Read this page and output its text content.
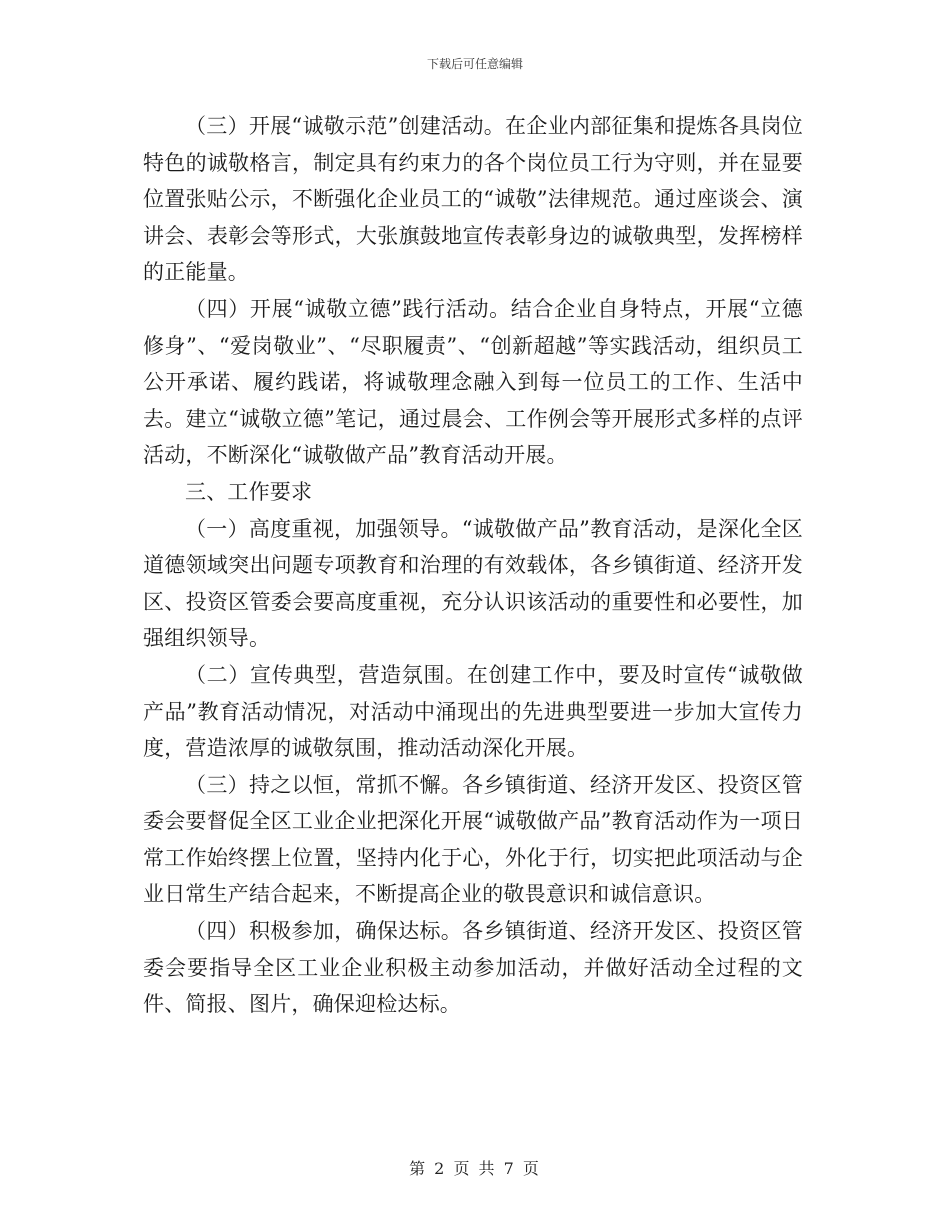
下载后可任意编辑

（三）开展“诚敬示范”创建活动。在企业内部征集和提炼各具岗位特色的诚敬格言，制定具有约束力的各个岗位员工行为守则，并在显要位置张贴公示，不断强化企业员工的“诚敬”法律规范。通过座谈会、演讲会、表彰会等形式，大张旗鼓地宣传表彰身边的诚敬典型，发挥榜样的正能量。

（四）开展“诚敬立德”践行活动。结合企业自身特点，开展“立德修身”、“爱岗敬业”、“尽职履责”、“创新超越”等实践活动，组织员工公开承诺、履约践诺，将诚敬理念融入到每一位员工的工作、生活中去。建立“诚敬立德”笔记，通过晨会、工作例会等开展形式多样的点评活动，不断深化“诚敬做产品”教育活动开展。

三、工作要求

（一）高度重视，加强领导。“诚敬做产品”教育活动，是深化全区道德领域突出问题专项教育和治理的有效载体，各乡镇街道、经济开发区、投资区管委会要高度重视，充分认识该活动的重要性和必要性，加强组织领导。

（二）宣传典型，营造氛围。在创建工作中，要及时宣传“诚敬做产品”教育活动情况，对活动中涌现出的先进典型要进一步加大宣传力度，营造浓厚的诚敬氛围，推动活动深化开展。

（三）持之以恒，常抓不懈。各乡镇街道、经济开发区、投资区管委会要督促全区工业企业把深化开展“诚敬做产品”教育活动作为一项日常工作始终摆上位置，坚持内化于心，外化于行，切实把此项活动与企业日常生产结合起来，不断提高企业的敬畏意识和诚信意识。

（四）积极参加，确保达标。各乡镇街道、经济开发区、投资区管委会要指导全区工业企业积极主动参加活动，并做好活动全过程的文件、简报、图片，确保迎检达标。

第 2 页 共 7 页
